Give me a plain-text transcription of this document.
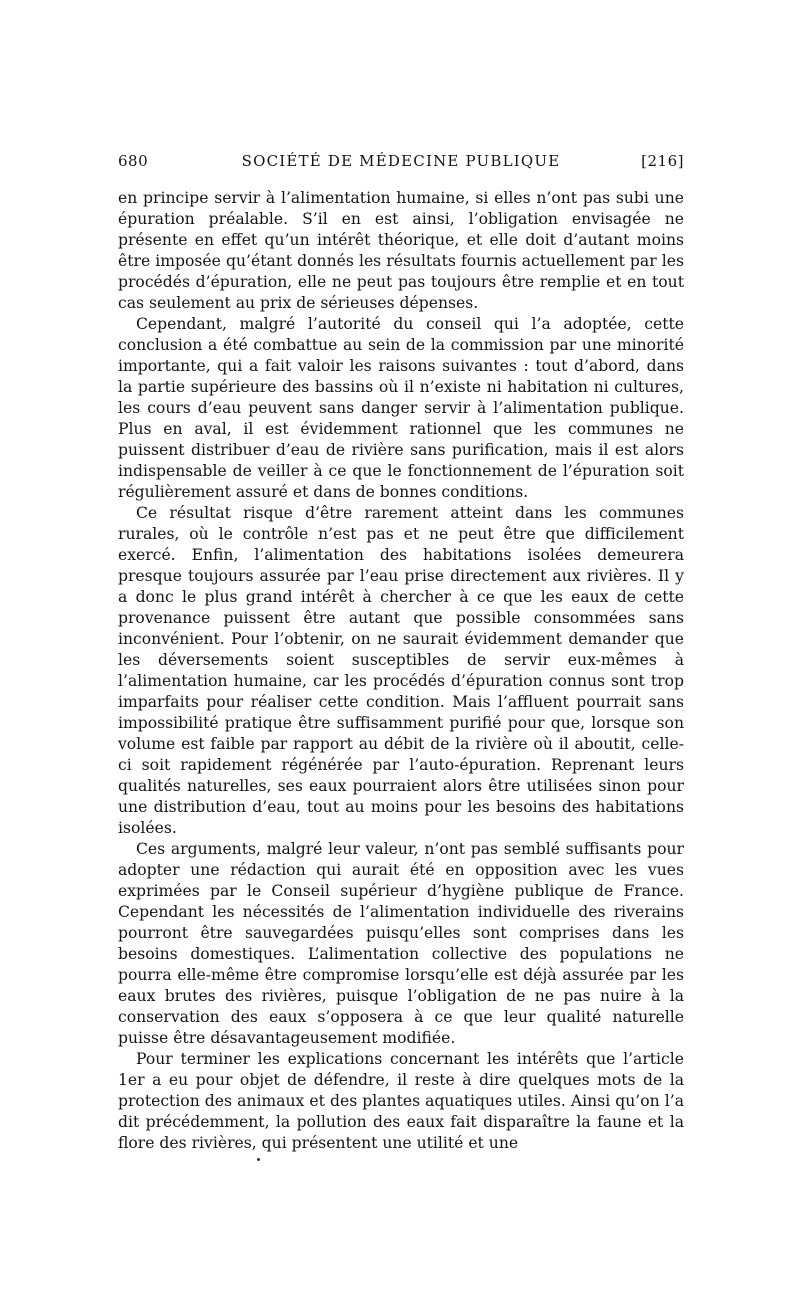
680	SOCIÉTÉ DE MÉDECINE PUBLIQUE	[216]

en principe servir à l’alimentation humaine, si elles n’ont pas subi une épuration préalable. S’il en est ainsi, l’obligation envisagée ne présente en effet qu’un intérêt théorique, et elle doit d’autant moins être imposée qu’étant donnés les résultats fournis actuellement par les procédés d’épuration, elle ne peut pas toujours être remplie et en tout cas seulement au prix de sérieuses dépenses.

Cependant, malgré l’autorité du conseil qui l’a adoptée, cette conclusion a été combattue au sein de la commission par une minorité importante, qui a fait valoir les raisons suivantes : tout d’abord, dans la partie supérieure des bassins où il n’existe ni habitation ni cultures, les cours d’eau peuvent sans danger servir à l’alimentation publique. Plus en aval, il est évidemment rationnel que les communes ne puissent distribuer d’eau de rivière sans purification, mais il est alors indispensable de veiller à ce que le fonctionnement de l’épuration soit régulièrement assuré et dans de bonnes conditions.

Ce résultat risque d’être rarement atteint dans les communes rurales, où le contrôle n’est pas et ne peut être que difficilement exercé. Enfin, l’alimentation des habitations isolées demeurera presque toujours assurée par l’eau prise directement aux rivières. Il y a donc le plus grand intérêt à chercher à ce que les eaux de cette provenance puissent être autant que possible consommées sans inconvénient. Pour l’obtenir, on ne saurait évidemment demander que les déversements soient susceptibles de servir eux-mêmes à l’alimentation humaine, car les procédés d’épuration connus sont trop imparfaits pour réaliser cette condition. Mais l’affluent pourrait sans impossibilité pratique être suffisamment purifié pour que, lorsque son volume est faible par rapport au débit de la rivière où il aboutit, celle-ci soit rapidement régénérée par l’auto-épuration. Reprenant leurs qualités naturelles, ses eaux pourraient alors être utilisées sinon pour une distribution d’eau, tout au moins pour les besoins des habitations isolées.

Ces arguments, malgré leur valeur, n’ont pas semblé suffisants pour adopter une rédaction qui aurait été en opposition avec les vues exprimées par le Conseil supérieur d’hygiène publique de France. Cependant les nécessités de l’alimentation individuelle des riverains pourront être sauvegardées puisqu’elles sont comprises dans les besoins domestiques. L’alimentation collective des populations ne pourra elle-même être compromise lorsqu’elle est déjà assurée par les eaux brutes des rivières, puisque l’obligation de ne pas nuire à la conservation des eaux s’opposera à ce que leur qualité naturelle puisse être désavantageusement modifiée.

Pour terminer les explications concernant les intérêts que l’article 1er a eu pour objet de défendre, il reste à dire quelques mots de la protection des animaux et des plantes aquatiques utiles. Ainsi qu’on l’a dit précédemment, la pollution des eaux fait disparaître la faune et la flore des rivières, qui présentent une utilité et une
